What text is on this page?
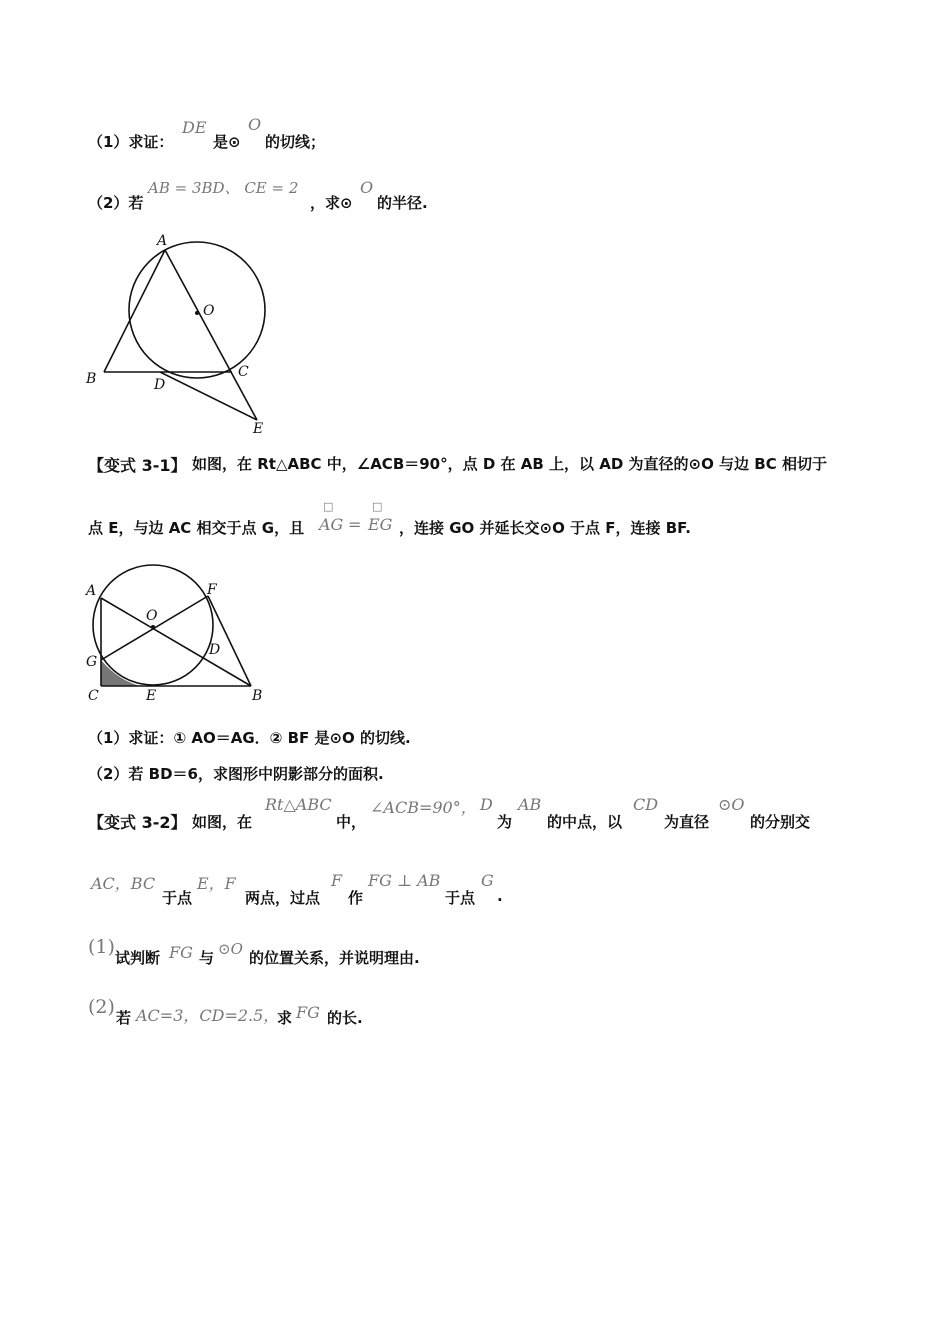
（1）求证：
DE
是⊙
O
的切线；
（2）若
AB = 3BD、 CE = 2
，求⊙
O
的半径.
A
O
B	D
C
E
【变式 3-1】 如图，在 Rt△ABC 中，∠ACB＝90°，点 D 在 AB 上，以 AD 为直径的⊙O 与边 BC 相切于
点 E，与边 AC 相交于点 G，且
□	□
AG = EG ，连接 GO 并延长交⊙O 于点 F，连接 BF.
A	F
O
G
D
C	E	B
（1）求证：① AO＝AG．② BF 是⊙O 的切线.
（2）若 BD＝6，求图形中阴影部分的面积.
【变式 3-2】 如图，在
Rt△ABC
中，
∠ACB=90°， D
为
AB
的中点，以
CD
为直径
⊙O
的分别交
AC，BC
于点
E，F
两点，过点
F
作
FG ⊥ AB
于点
G
.
(1) 试判断 FG 与 ⊙O 的位置关系，并说明理由.
(2) 若 AC=3，CD=2.5，
求 FG 的长.
